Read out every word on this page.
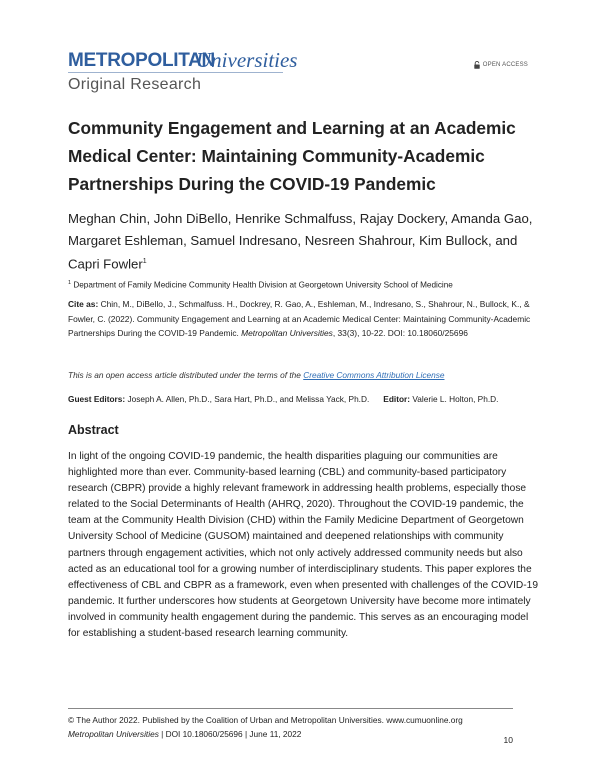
METROPOLITAN
Universities	OPEN ACCESS
Original Research
Community Engagement and Learning at an Academic Medical Center: Maintaining Community-Academic Partnerships During the COVID-19 Pandemic

Meghan Chin, John DiBello, Henrike Schmalfuss, Rajay Dockery, Amanda Gao, Margaret Eshleman, Samuel Indresano, Nesreen Shahrour, Kim Bullock, and Capri Fowler$^1$

$^1$ Department of Family Medicine Community Health Division at Georgetown University School of Medicine
Cite as: Chin, M., DiBello, J., Schmalfuss. H., Dockrey, R. Gao, A., Eshleman, M., Indresano, S., Shahrour, N., Bullock, K., & Fowler, C. (2022). Community Engagement and Learning at an Academic Medical Center: Maintaining Community-Academic Partnerships During the COVID-19 Pandemic. Metropolitan Universities, 33(3), 10-22. DOI: 10.18060/25696
This is an open access article distributed under the terms of the Creative Commons Attribution License
Guest Editors: Joseph A. Allen, Ph.D., Sara Hart, Ph.D., and Melissa Yack, Ph.D. Editor: Valerie L. Holton, Ph.D.
Abstract

In light of the ongoing COVID-19 pandemic, the health disparities plaguing our communities are highlighted more than ever. Community-based learning (CBL) and community-based participatory research (CBPR) provide a highly relevant framework in addressing health problems, especially those related to the Social Determinants of Health (AHRQ, 2020). Throughout the COVID-19 pandemic, the team at the Community Health Division (CHD) within the Family Medicine Department of Georgetown University School of Medicine (GUSOM) maintained and deepened relationships with community partners through engagement activities, which not only actively addressed community needs but also acted as an educational tool for a growing number of interdisciplinary students. This paper explores the effectiveness of CBL and CBPR as a framework, even when presented with challenges of the COVID-19 pandemic. It further underscores how students at Georgetown University have become more intimately involved in community health engagement during the pandemic. This serves as an encouraging model for establishing a student-based research learning community.

© The Author 2022. Published by the Coalition of Urban and Metropolitan Universities. www.cumuonline.org
Metropolitan Universities | DOI 10.18060/25696 | June 11, 2022
10
